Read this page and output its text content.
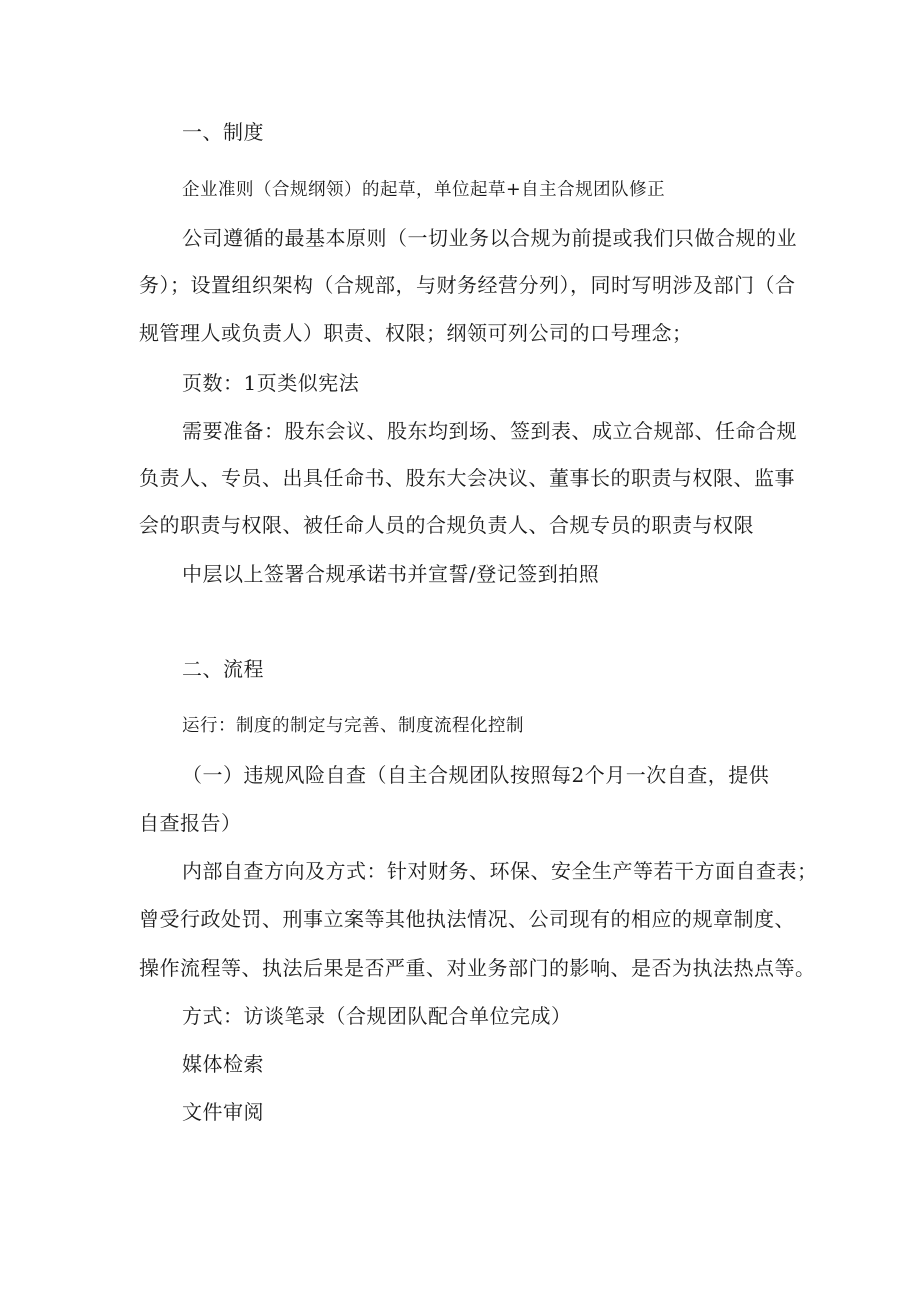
一、制度

企业准则（合规纲领）的起草，单位起草+自主合规团队修正

公司遵循的最基本原则（一切业务以合规为前提或我们只做合规的业

务）；设置组织架构（合规部，与财务经营分列），同时写明涉及部门（合

规管理人或负责人）职责、权限；纲领可列公司的口号理念；

页数：1页类似宪法

需要准备：股东会议、股东均到场、签到表、成立合规部、任命合规

负责人、专员、出具任命书、股东大会决议、董事长的职责与权限、监事

会的职责与权限、被任命人员的合规负责人、合规专员的职责与权限

中层以上签署合规承诺书并宣誓/登记签到拍照

二、流程

运行：制度的制定与完善、制度流程化控制

（一）违规风险自查（自主合规团队按照每2个月一次自查，提供

自查报告）

内部自查方向及方式：针对财务、环保、安全生产等若干方面自查表；

曾受行政处罚、刑事立案等其他执法情况、公司现有的相应的规章制度、

操作流程等、执法后果是否严重、对业务部门的影响、是否为执法热点等。

方式：访谈笔录（合规团队配合单位完成）

媒体检索

文件审阅
